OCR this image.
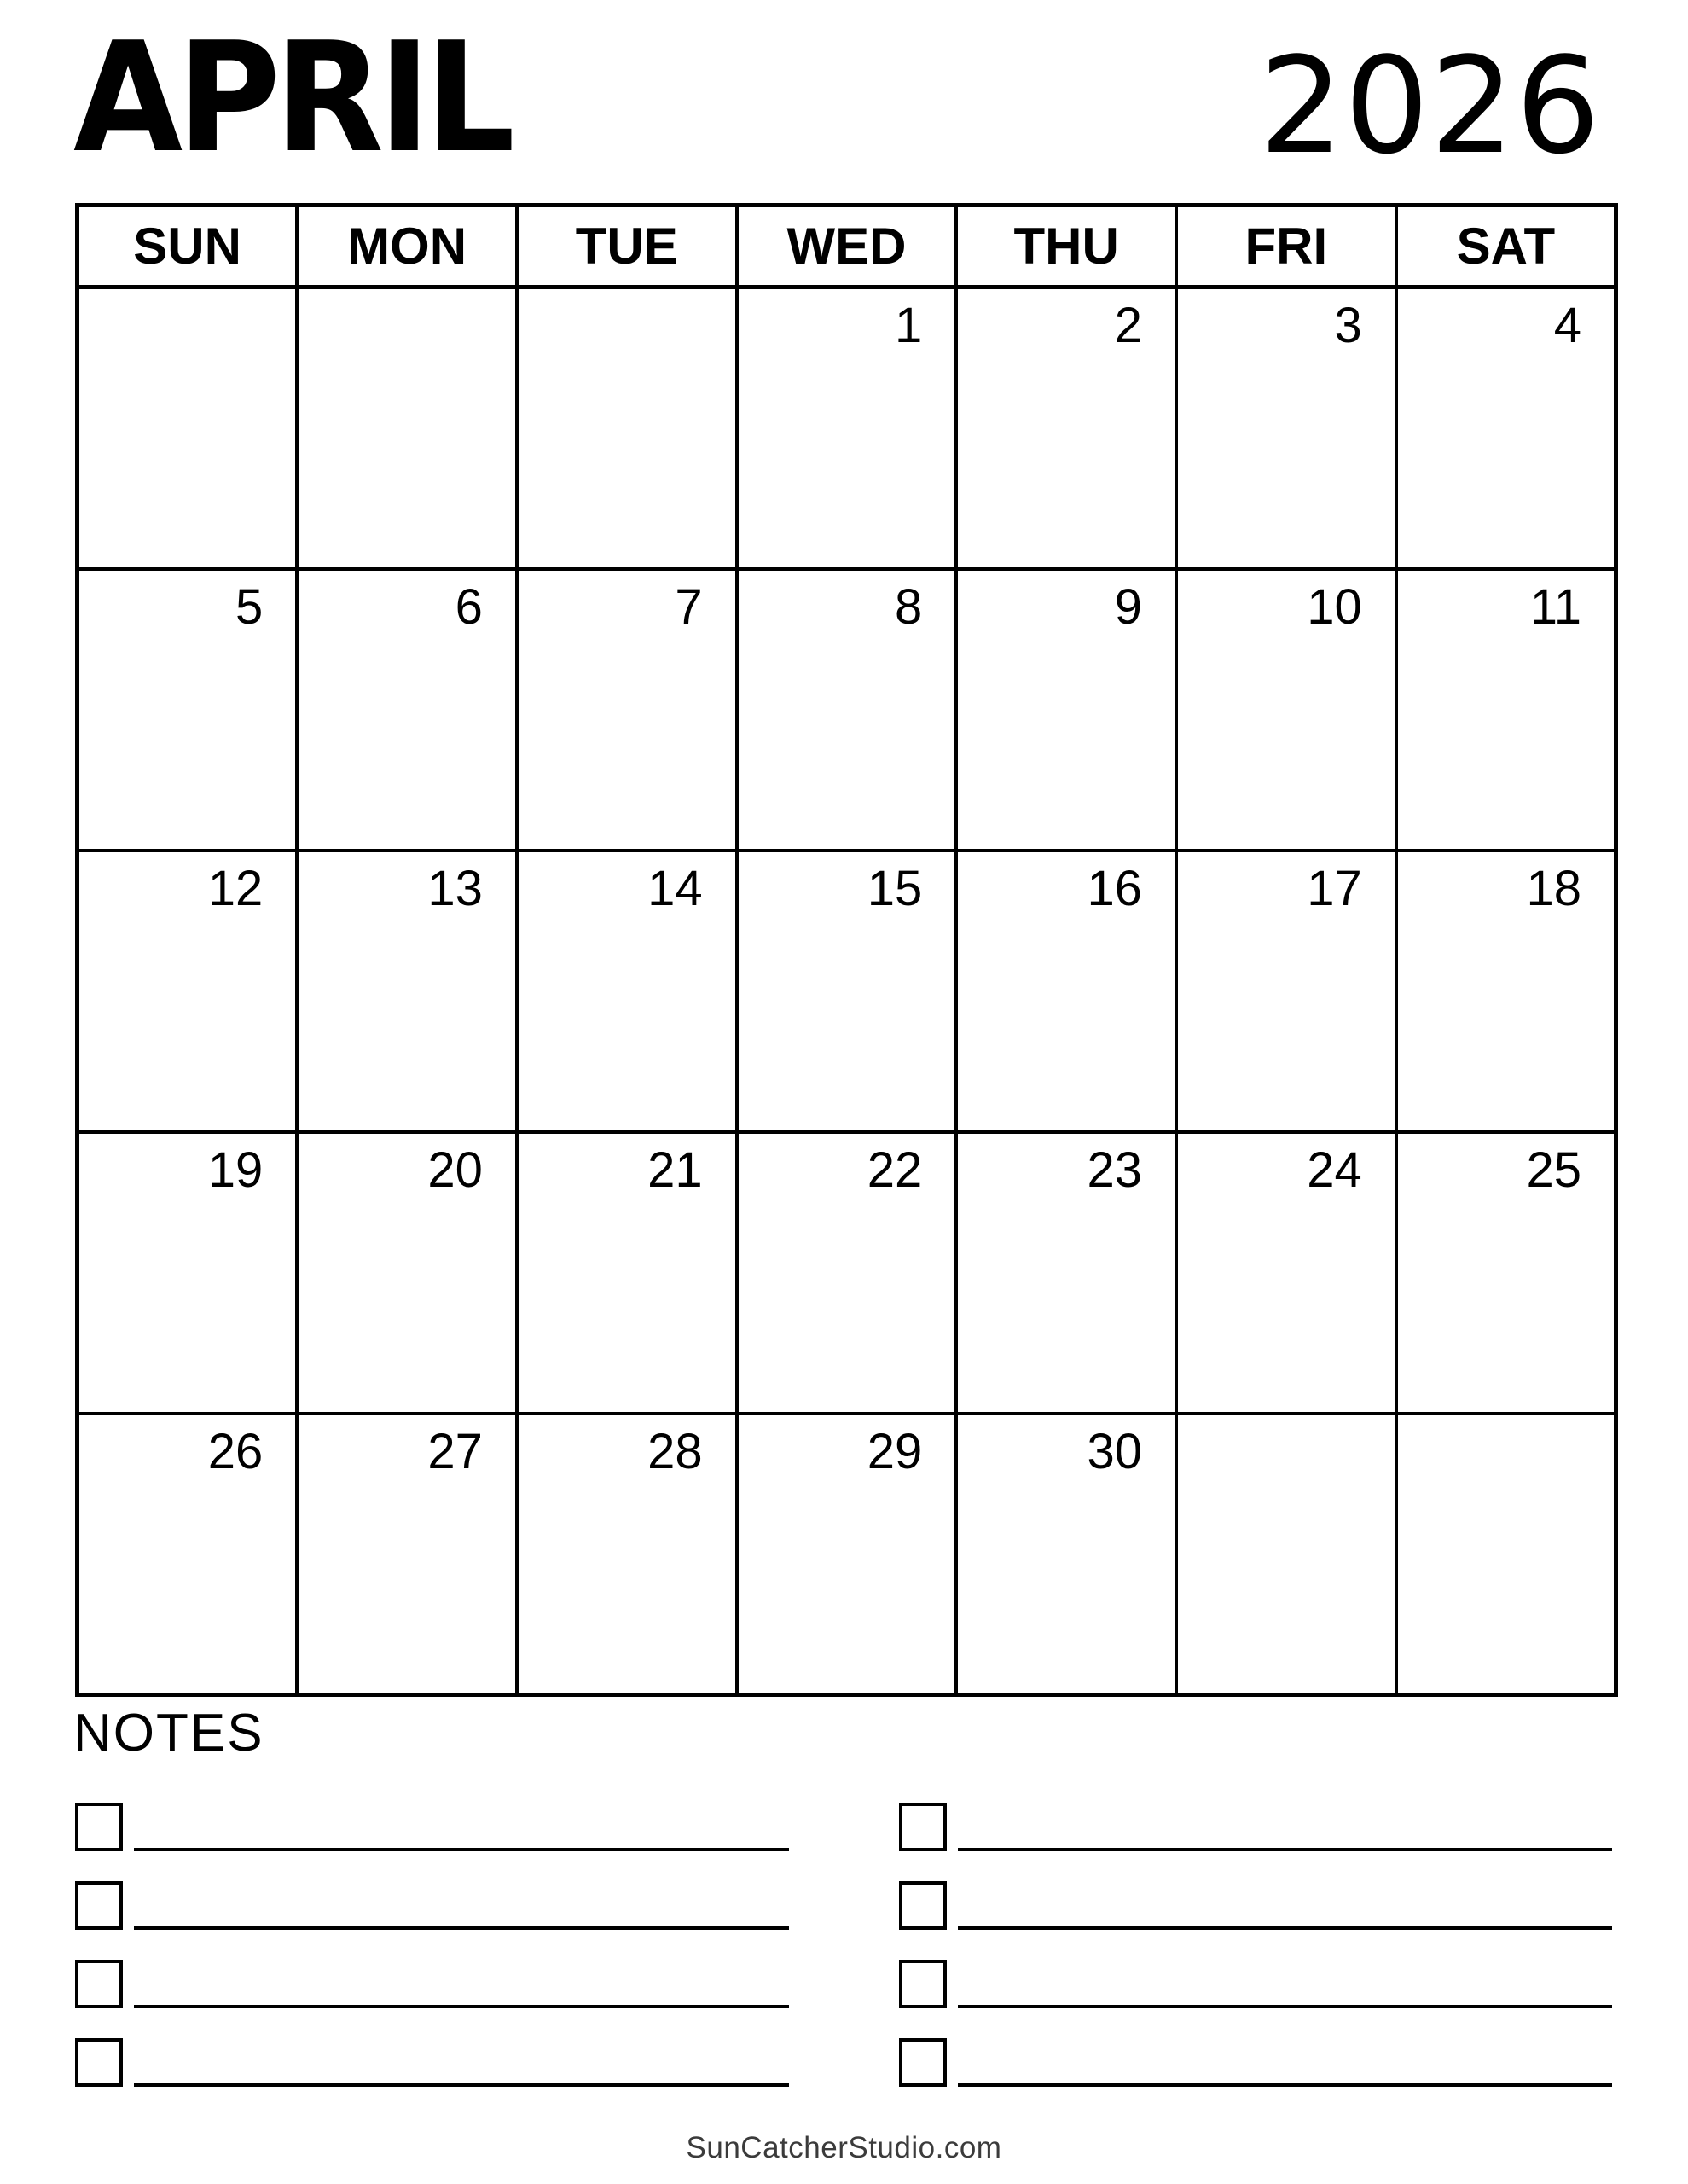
APRIL	2026
SUN	MON	TUE	WED	THU	FRI	SAT
			1	2	3	4
5	6	7	8	9	10	11
12	13	14	15	16	17	18
19	20	21	22	23	24	25
26	27	28	29	30		
NOTES
SunCatcherStudio.com
